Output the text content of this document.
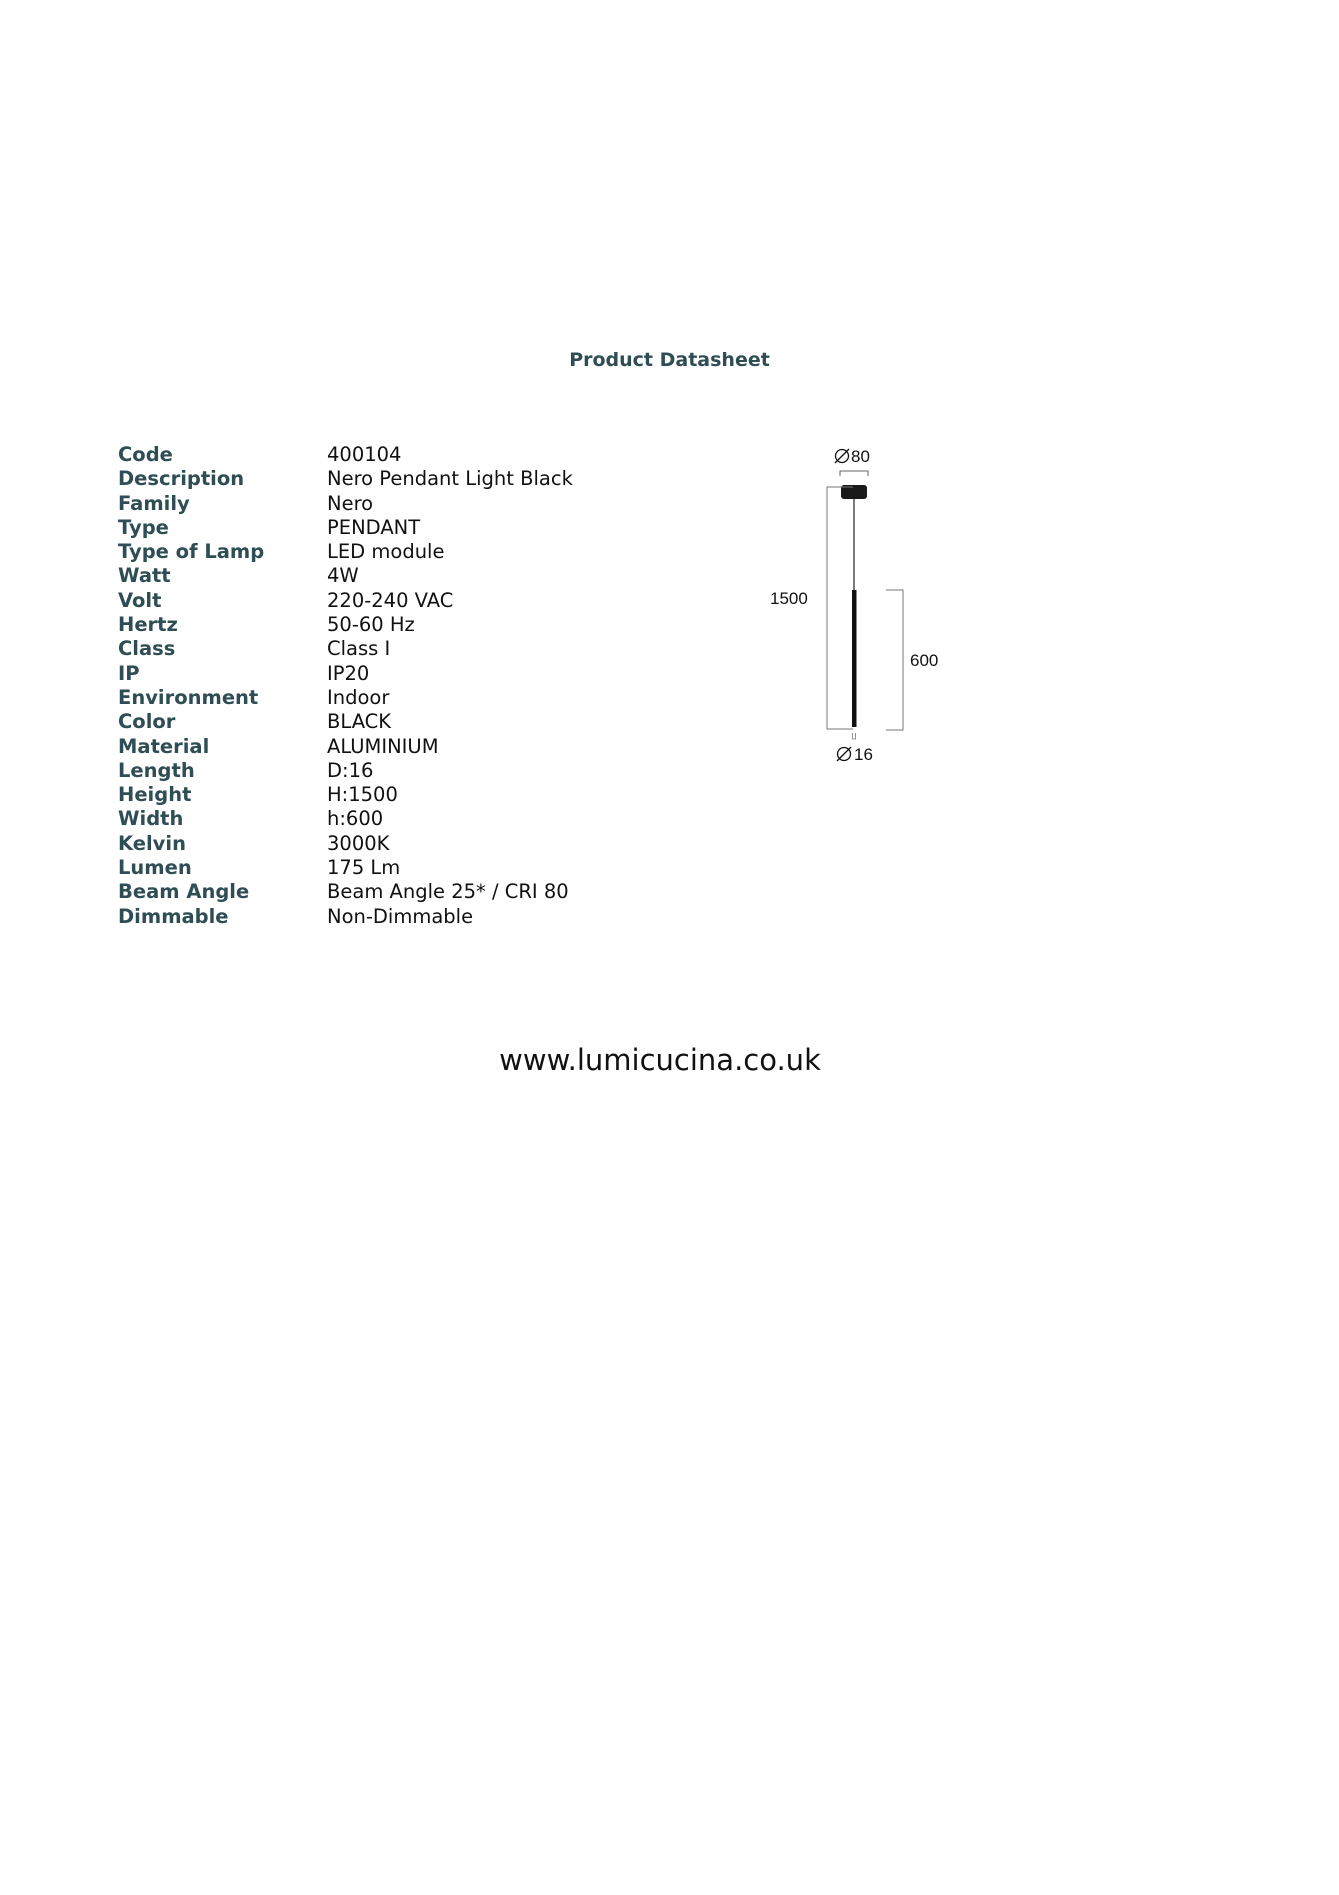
Product Datasheet
Code	400104
Description	Nero Pendant Light Black
Family	Nero
Type	PENDANT
Type of Lamp	LED module
Watt	4W
Volt	220-240 VAC
Hertz	50-60 Hz
Class	Class I
IP	IP20
Environment	Indoor
Color	BLACK
Material	ALUMINIUM
Length	D:16
Height	H:1500
Width	h:600
Kelvin	3000K
Lumen	175 Lm
Beam Angle	Beam Angle 25* / CRI 80
Dimmable	Non-Dimmable
80
1500
600
16

www.lumicucina.co.uk
